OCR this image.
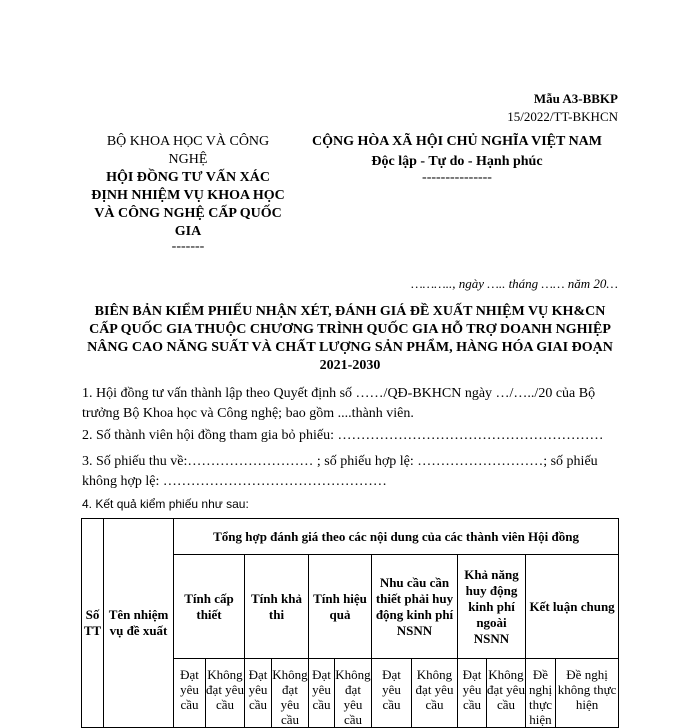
Mẫu A3-BBKP
15/2022/TT-BKHCN
BỘ KHOA HỌC VÀ CÔNG NGHỆ
HỘI ĐỒNG TƯ VẤN XÁC ĐỊNH NHIỆM VỤ KHOA HỌC VÀ CÔNG NGHỆ CẤP QUỐC GIA
-------
CỘNG HÒA XÃ HỘI CHỦ NGHĨA VIỆT NAM
Độc lập - Tự do - Hạnh phúc
---------------
……….., ngày ….. tháng …… năm 20…
BIÊN BẢN KIỂM PHIẾU NHẬN XÉT, ĐÁNH GIÁ ĐỀ XUẤT NHIỆM VỤ KH&CN CẤP QUỐC GIA THUỘC CHƯƠNG TRÌNH QUỐC GIA HỖ TRỢ DOANH NGHIỆP NÂNG CAO NĂNG SUẤT VÀ CHẤT LƯỢNG SẢN PHẨM, HÀNG HÓA GIAI ĐOẠN 2021-2030
1. Hội đồng tư vấn thành lập theo Quyết định số ……/QĐ-BKHCN ngày …/…../20 của Bộ trưởng Bộ Khoa học và Công nghệ; bao gồm ....thành viên.
2. Số thành viên hội đồng tham gia bỏ phiếu: …………………………………………………
3. Số phiếu thu về:……………………… ; số phiếu hợp lệ: ………………………; số phiếu không hợp lệ: …………………………………………
4. Kết quả kiểm phiếu như sau:
Số TT	Tên nhiệm vụ đề xuất	Tổng hợp đánh giá theo các nội dung của các thành viên Hội đồng											
		Tính cấp thiết		Tính khả thi		Tính hiệu quả		Nhu cầu cần thiết phải huy động kinh phí NSNN		Khả năng huy động kinh phí ngoài NSNN		Kết luận chung	
		Đạt yêu cầu	Không đạt yêu cầu	Đạt yêu cầu	Không đạt yêu cầu	Đạt yêu cầu	Không đạt yêu cầu	Đạt yêu cầu	Không đạt yêu cầu	Đạt yêu cầu	Không đạt yêu cầu	Đề nghị thực hiện	Đề nghị không thực hiện
